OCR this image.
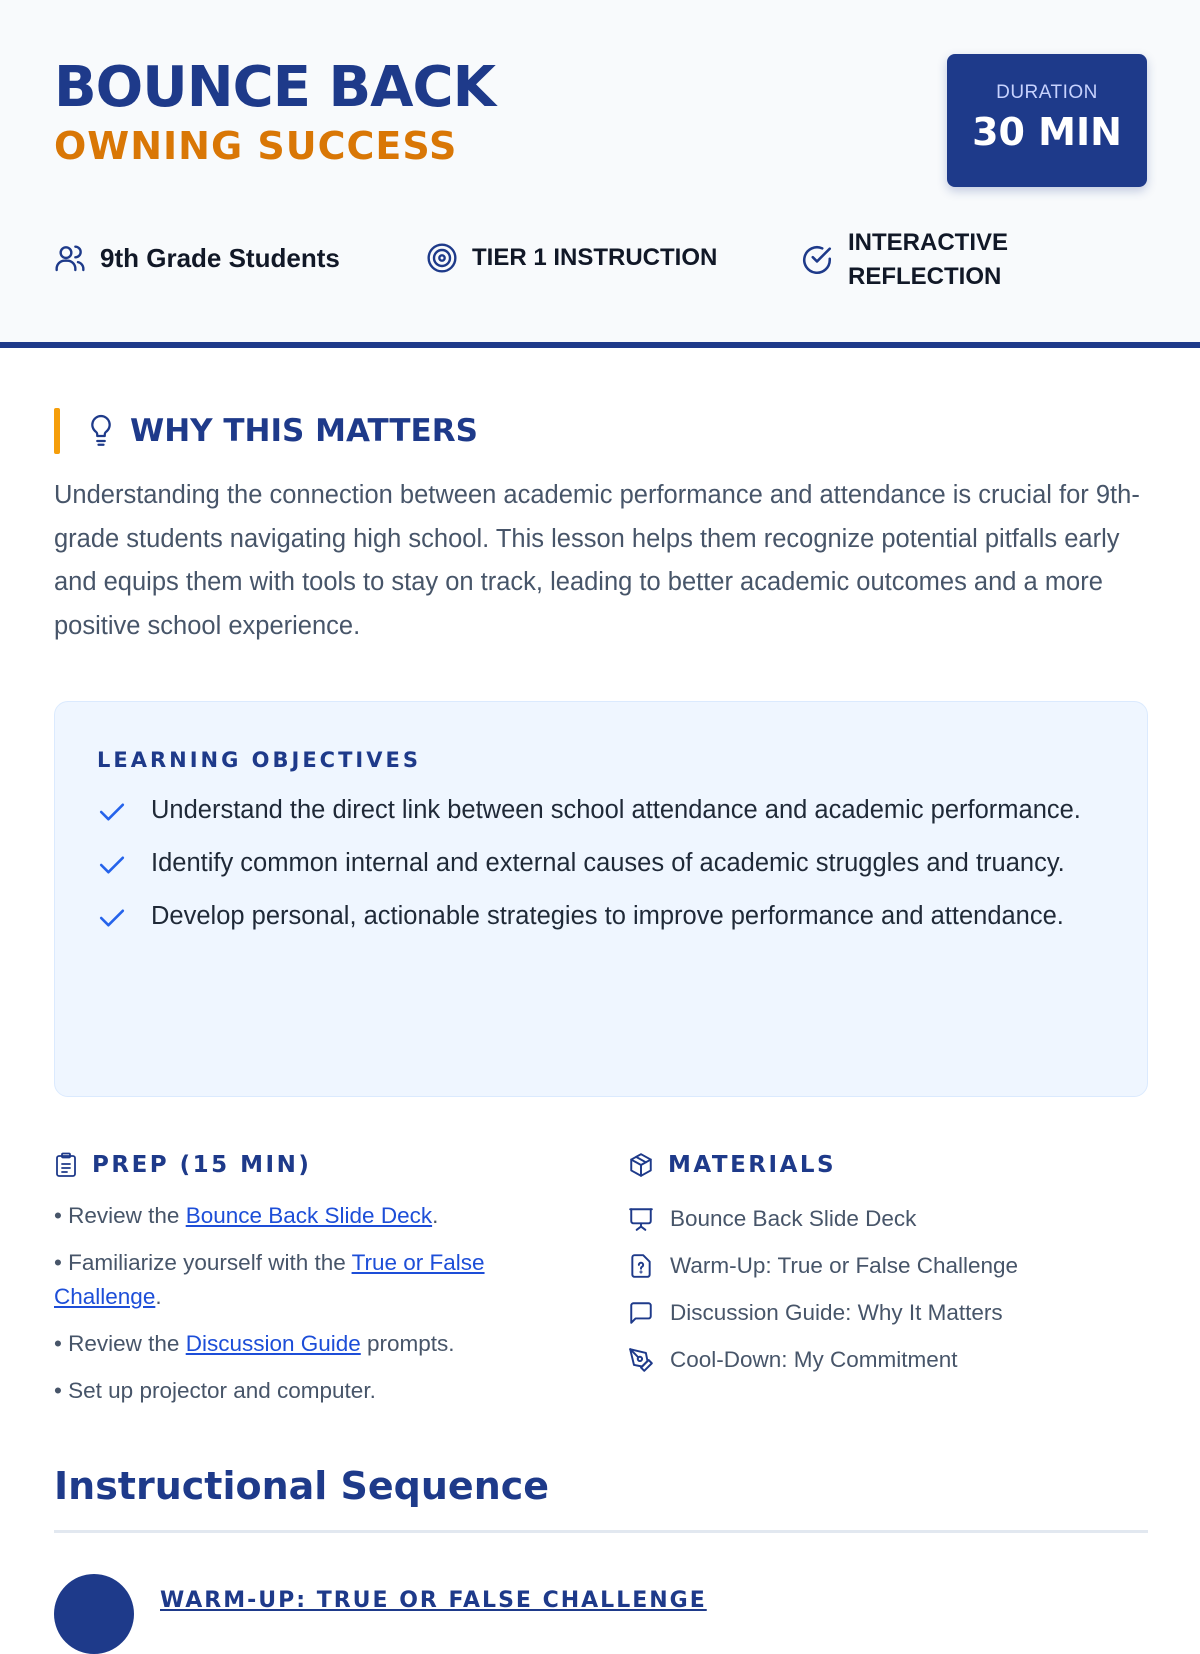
BOUNCE BACK
OWNING SUCCESS
DURATION
30 MIN
9th Grade Students	TIER 1 INSTRUCTION
INTERACTIVE
REFLECTION
WHY THIS MATTERS

Understanding the connection between academic performance and attendance is crucial for 9th-grade students navigating high school. This lesson helps them recognize potential pitfalls early and equips them with tools to stay on track, leading to better academic outcomes and a more positive school experience.

LEARNING OBJECTIVES
Understand the direct link between school attendance and academic performance.
Identify common internal and external causes of academic struggles and truancy.
Develop personal, actionable strategies to improve performance and attendance.
PREP (15 MIN)
• Review the Bounce Back Slide Deck.
• Familiarize yourself with the True or False Challenge.
• Review the Discussion Guide prompts.
• Set up projector and computer.
MATERIALS
Bounce Back Slide Deck
Warm-Up: True or False Challenge
Discussion Guide: Why It Matters
Cool-Down: My Commitment
Instructional Sequence
WARM-UP: TRUE OR FALSE CHALLENGE
